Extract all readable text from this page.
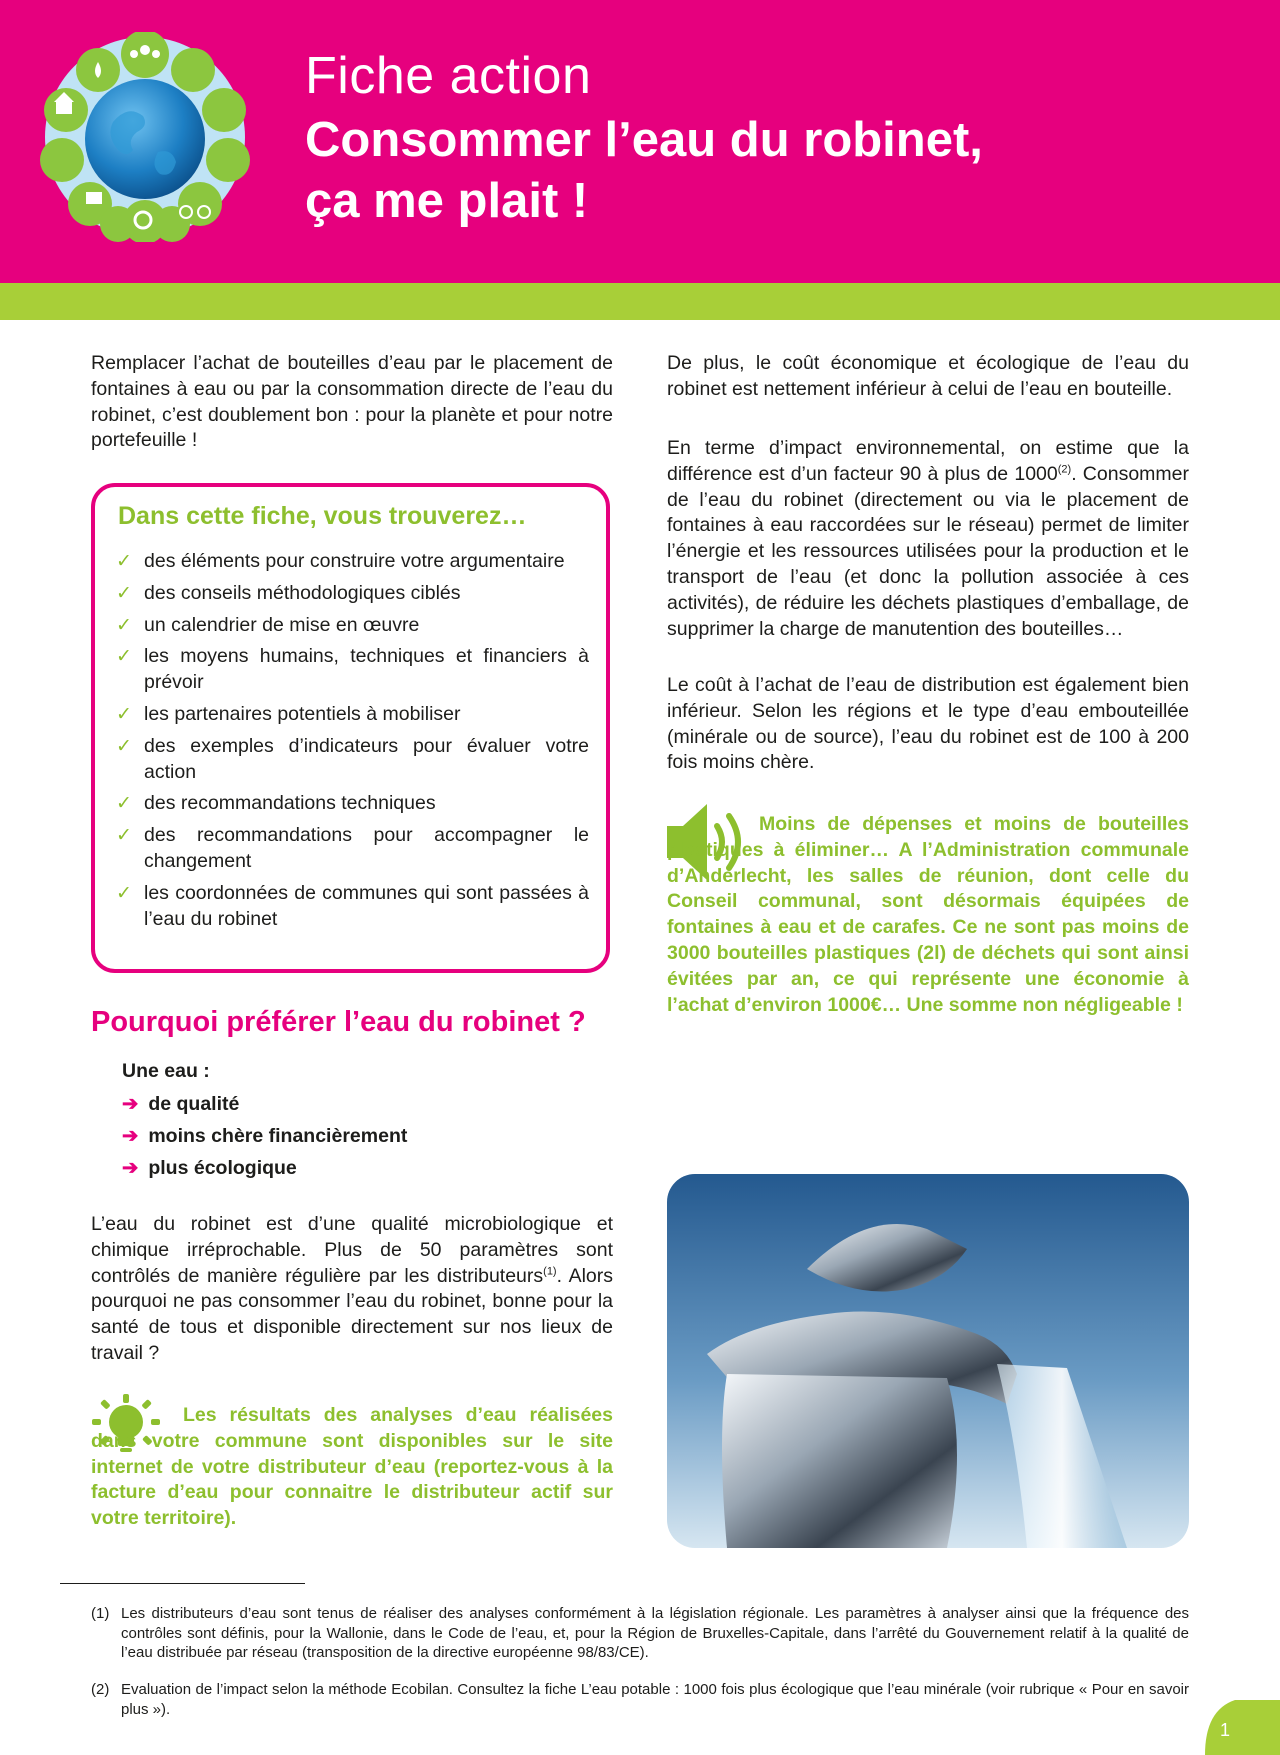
Fiche action
Consommer l’eau du robinet,
ça me plait !
Remplacer l’achat de bouteilles d’eau par le placement de fontaines à eau ou par la consommation directe de l’eau du robinet, c’est doublement bon : pour la planète et pour notre portefeuille !
Dans cette fiche, vous trouverez…
✓ des éléments pour construire votre argumentaire
✓ des conseils méthodologiques ciblés
✓ un calendrier de mise en œuvre
✓ les moyens humains, techniques et financiers à prévoir
✓ les partenaires potentiels à mobiliser
✓ des exemples d’indicateurs pour évaluer votre action
✓ des recommandations techniques
✓ des recommandations pour accompagner le changement
✓ les coordonnées de communes qui sont passées à l’eau du robinet
Pourquoi préférer l’eau du robinet ?
Une eau :
➔ de qualité
➔ moins chère financièrement
➔ plus écologique
L’eau du robinet est d’une qualité microbiologique et chimique irréprochable. Plus de 50 paramètres sont contrôlés de manière régulière par les distributeurs$^{(1)}$. Alors pourquoi ne pas consommer l’eau du robinet, bonne pour la santé de tous et disponible directement sur nos lieux de travail ?
Les résultats des analyses d’eau réalisées dans votre commune sont disponibles sur le site internet de votre distributeur d’eau (reportez-vous à la facture d’eau pour connaitre le distributeur actif sur votre territoire).
De plus, le coût économique et écologique de l’eau du robinet est nettement inférieur à celui de l’eau en bouteille.
En terme d’impact environnemental, on estime que la différence est d’un facteur 90 à plus de 1000$^{(2)}$. Consommer de l’eau du robinet (directement ou via le placement de fontaines à eau raccordées sur le réseau) permet de limiter l’énergie et les ressources utilisées pour la production et le transport de l’eau (et donc la pollution associée à ces activités), de réduire les déchets plastiques d’emballage, de supprimer la charge de manutention des bouteilles…
Le coût à l’achat de l’eau de distribution est également bien inférieur. Selon les régions et le type d’eau embouteillée (minérale ou de source), l’eau du robinet est de 100 à 200 fois moins chère.
Moins de dépenses et moins de bouteilles plastiques à éliminer… A l’Administration communale d’Anderlecht, les salles de réunion, dont celle du Conseil communal, sont désormais équipées de fontaines à eau et de carafes. Ce ne sont pas moins de 3000 bouteilles plastiques (2l) de déchets qui sont ainsi évitées par an, ce qui représente une économie à l’achat d’environ 1000€… Une somme non négligeable !
(1) Les distributeurs d’eau sont tenus de réaliser des analyses conformément à la législation régionale. Les paramètres à analyser ainsi que la fréquence des contrôles sont définis, pour la Wallonie, dans le Code de l’eau, et, pour la Région de Bruxelles-Capitale, dans l’arrêté du Gouvernement relatif à la qualité de l’eau distribuée par réseau (transposition de la directive européenne 98/83/CE).
(2) Evaluation de l’impact selon la méthode Ecobilan. Consultez la fiche L’eau potable : 1000 fois plus écologique que l’eau minérale (voir rubrique « Pour en savoir plus »).
1
